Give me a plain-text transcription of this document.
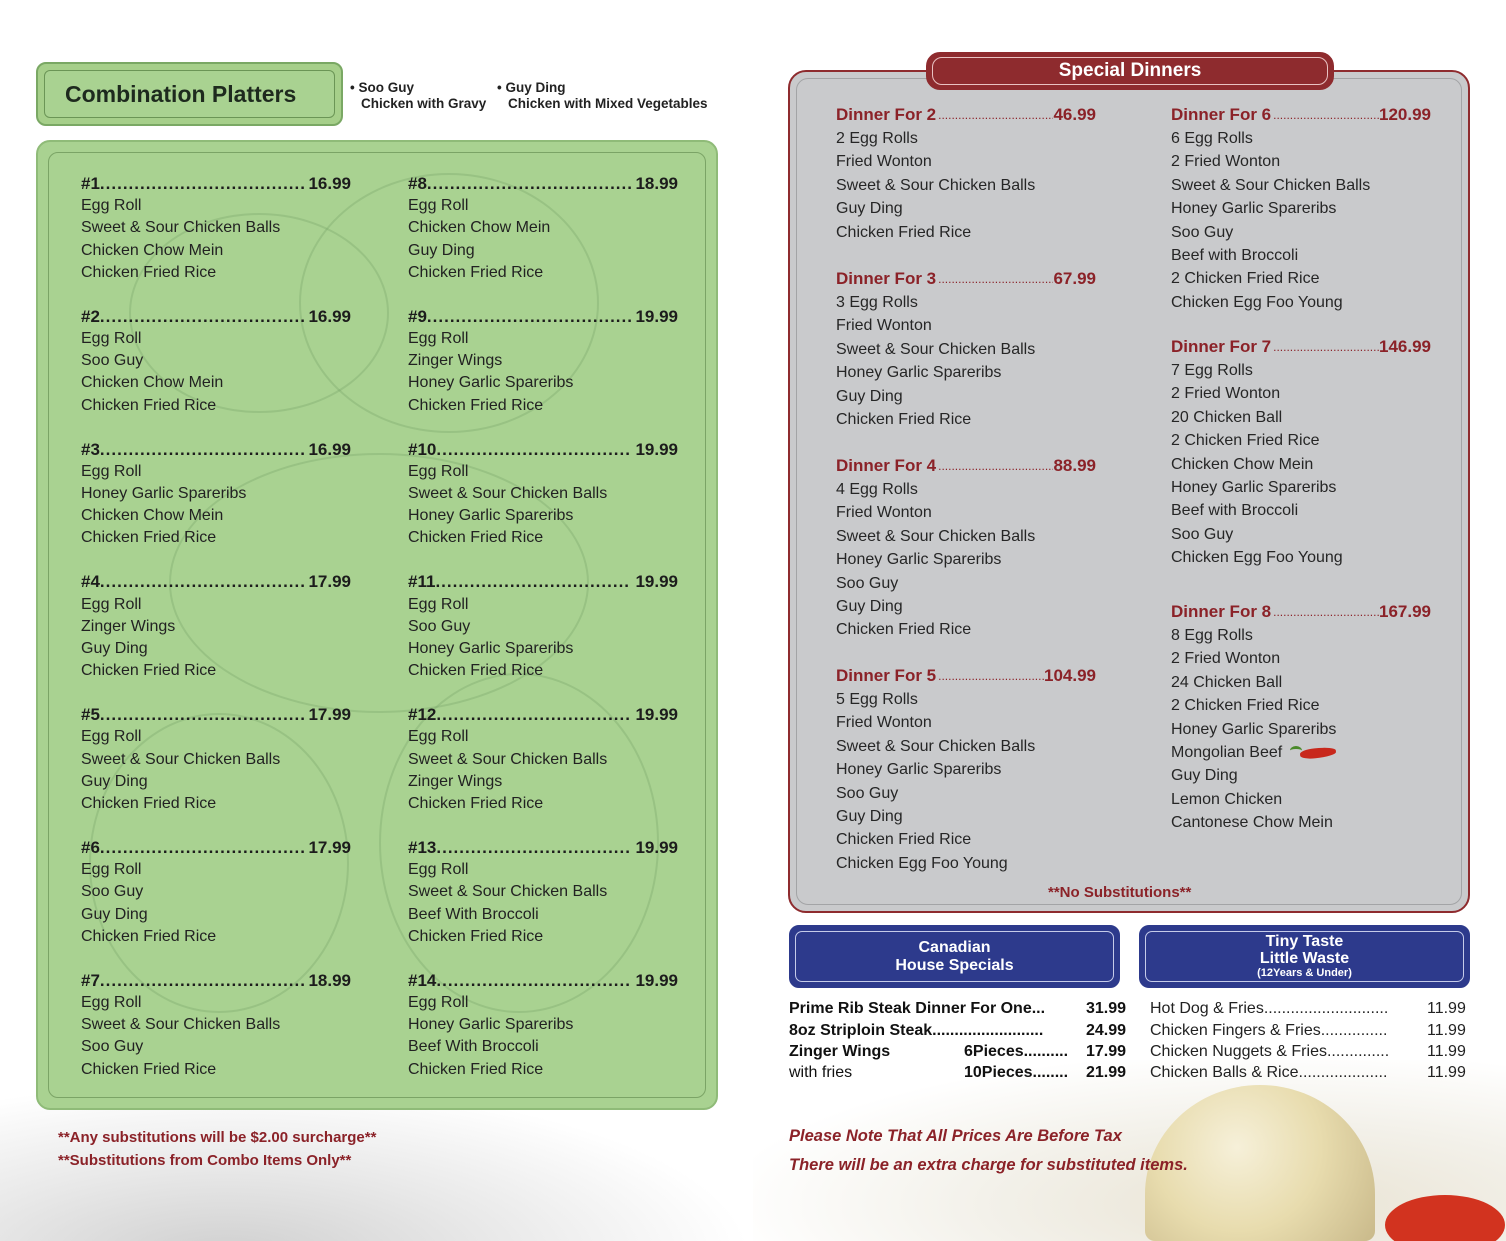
Combination Platters	• Soo Guy
Chicken with Gravy
• Guy Ding
Chicken with Mixed Vegetables
#1 .....	16.99
Egg Roll
Sweet & Sour Chicken Balls
Chicken Chow Mein
Chicken Fried Rice
#2 .....	16.99
Egg Roll
Soo Guy
Chicken Chow Mein
Chicken Fried Rice
#3 .....	16.99
Egg Roll
Honey Garlic Spareribs
Chicken Chow Mein
Chicken Fried Rice
#4 .....	17.99
Egg Roll
Zinger Wings
Guy Ding
Chicken Fried Rice
#5 .....	17.99
Egg Roll
Sweet & Sour Chicken Balls
Guy Ding
Chicken Fried Rice
#6 .....	17.99
Egg Roll
Soo Guy
Guy Ding
Chicken Fried Rice
#7 .....	18.99
Egg Roll
Sweet & Sour Chicken Balls
Soo Guy
Chicken Fried Rice
#8 .....	18.99
Egg Roll
Chicken Chow Mein
Guy Ding
Chicken Fried Rice
#9 .....	19.99
Egg Roll
Zinger Wings
Honey Garlic Spareribs
Chicken Fried Rice
#10 .....	19.99
Egg Roll
Sweet & Sour Chicken Balls
Honey Garlic Spareribs
Chicken Fried Rice
#11 .....	19.99
Egg Roll
Soo Guy
Honey Garlic Spareribs
Chicken Fried Rice
#12 .....	19.99
Egg Roll
Sweet & Sour Chicken Balls
Zinger Wings
Chicken Fried Rice
#13 .....	19.99
Egg Roll
Sweet & Sour Chicken Balls
Beef With Broccoli
Chicken Fried Rice
#14 .....	19.99
Egg Roll
Honey Garlic Spareribs
Beef With Broccoli
Chicken Fried Rice
**Any substitutions will be $2.00 surcharge**
**Substitutions from Combo Items Only**
Special Dinners
Dinner For 2 .....	46.99
2 Egg Rolls
Fried Wonton
Sweet & Sour Chicken Balls
Guy Ding
Chicken Fried Rice
Dinner For 3 .....	67.99
3 Egg Rolls
Fried Wonton
Sweet & Sour Chicken Balls
Honey Garlic Spareribs
Guy Ding
Chicken Fried Rice
Dinner For 4 .....	88.99
4 Egg Rolls
Fried Wonton
Sweet & Sour Chicken Balls
Honey Garlic Spareribs
Soo Guy
Guy Ding
Chicken Fried Rice
Dinner For 5 .....	104.99
5 Egg Rolls
Fried Wonton
Sweet & Sour Chicken Balls
Honey Garlic Spareribs
Soo Guy
Guy Ding
Chicken Fried Rice
Chicken Egg Foo Young
Dinner For 6 .....	120.99
6 Egg Rolls
2 Fried Wonton
Sweet & Sour Chicken Balls
Honey Garlic Spareribs
Soo Guy
Beef with Broccoli
2 Chicken Fried Rice
Chicken Egg Foo Young
Dinner For 7 .....	146.99
7 Egg Rolls
2 Fried Wonton
20 Chicken Ball
2 Chicken Fried Rice
Chicken Chow Mein
Honey Garlic Spareribs
Beef with Broccoli
Soo Guy
Chicken Egg Foo Young
Dinner For 8 .....	167.99
8 Egg Rolls
2 Fried Wonton
24 Chicken Ball
2 Chicken Fried Rice
Honey Garlic Spareribs
Mongolian Beef
Guy Ding
Lemon Chicken
Cantonese Chow Mein
**No Substitutions**
Canadian
House Specials
Tiny Taste
Little Waste
(12Years & Under)
Prime Rib Steak Dinner For One...	31.99
8oz Striploin Steak.........................	24.99
Zinger Wings	6Pieces.......... 17.99
with fries	10Pieces........ 21.99
Hot Dog & Fries............................ 11.99
Chicken Fingers & Fries............... 11.99
Chicken Nuggets & Fries.............. 11.99
Chicken Balls & Rice.................... 11.99
Please Note That All Prices Are Before Tax
There will be an extra charge for substituted items.
